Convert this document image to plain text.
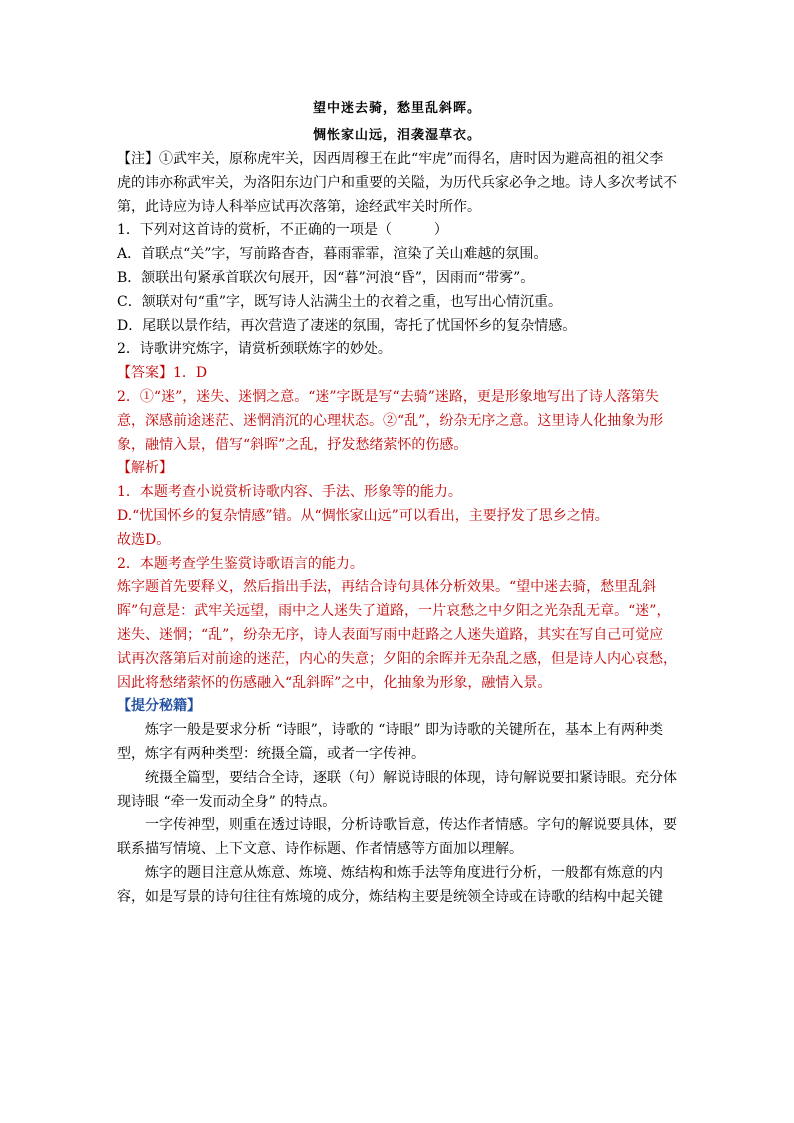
望中迷去骑，愁里乱斜晖。
惆怅家山远，泪袭湿草衣。

【注】①武牢关，原称虎牢关，因西周穆王在此“牢虎”而得名，唐时因为避高祖的祖父李虎的讳亦称武牢关，为洛阳东边门户和重要的关隘，为历代兵家必争之地。诗人多次考试不第，此诗应为诗人科举应试再次落第，途经武牢关时所作。

1．下列对这首诗的赏析，不正确的一项是（　　　）

A．首联点“关”字，写前路杳杳，暮雨霏霏，渲染了关山难越的氛围。

B．颔联出句紧承首联次句展开，因“暮”河浪“昏”，因雨而“带雾”。

C．颔联对句“重”字，既写诗人沾满尘土的衣着之重，也写出心情沉重。

D．尾联以景作结，再次营造了凄迷的氛围，寄托了忧国怀乡的复杂情感。

2．诗歌讲究炼字，请赏析颈联炼字的妙处。

【答案】1．D

2．①“迷”，迷失、迷惘之意。“迷”字既是写“去骑”迷路，更是形象地写出了诗人落第失意，深感前途迷茫、迷惘消沉的心理状态。②“乱”，纷杂无序之意。这里诗人化抽象为形象，融情入景，借写“斜晖”之乱，抒发愁绪萦怀的伤感。

【解析】

1．本题考查小说赏析诗歌内容、手法、形象等的能力。

D.“忧国怀乡的复杂情感”错。从“惆怅家山远”可以看出，主要抒发了思乡之情。

故选D。

2．本题考查学生鉴赏诗歌语言的能力。

炼字题首先要释义，然后指出手法，再结合诗句具体分析效果。“望中迷去骑，愁里乱斜晖”句意是：武牢关远望，雨中之人迷失了道路，一片哀愁之中夕阳之光杂乱无章。“迷”，迷失、迷惘；“乱”，纷杂无序，诗人表面写雨中赶路之人迷失道路，其实在写自己可觉应试再次落第后对前途的迷茫，内心的失意；夕阳的余晖并无杂乱之感，但是诗人内心哀愁，因此将愁绪萦怀的伤感融入“乱斜晖”之中，化抽象为形象，融情入景。

【提分秘籍】

炼字一般是要求分析 “诗眼”，诗歌的 “诗眼” 即为诗歌的关键所在，基本上有两种类型，炼字有两种类型：统摄全篇，或者一字传神。

统摄全篇型，要结合全诗，逐联（句）解说诗眼的体现，诗句解说要扣紧诗眼。充分体现诗眼 “牵一发而动全身” 的特点。

一字传神型，则重在透过诗眼，分析诗歌旨意，传达作者情感。字句的解说要具体，要联系描写情境、上下文意、诗作标题、作者情感等方面加以理解。

炼字的题目注意从炼意、炼境、炼结构和炼手法等角度进行分析，一般都有炼意的内容，如是写景的诗句往往有炼境的成分，炼结构主要是统领全诗或在诗歌的结构中起关键
